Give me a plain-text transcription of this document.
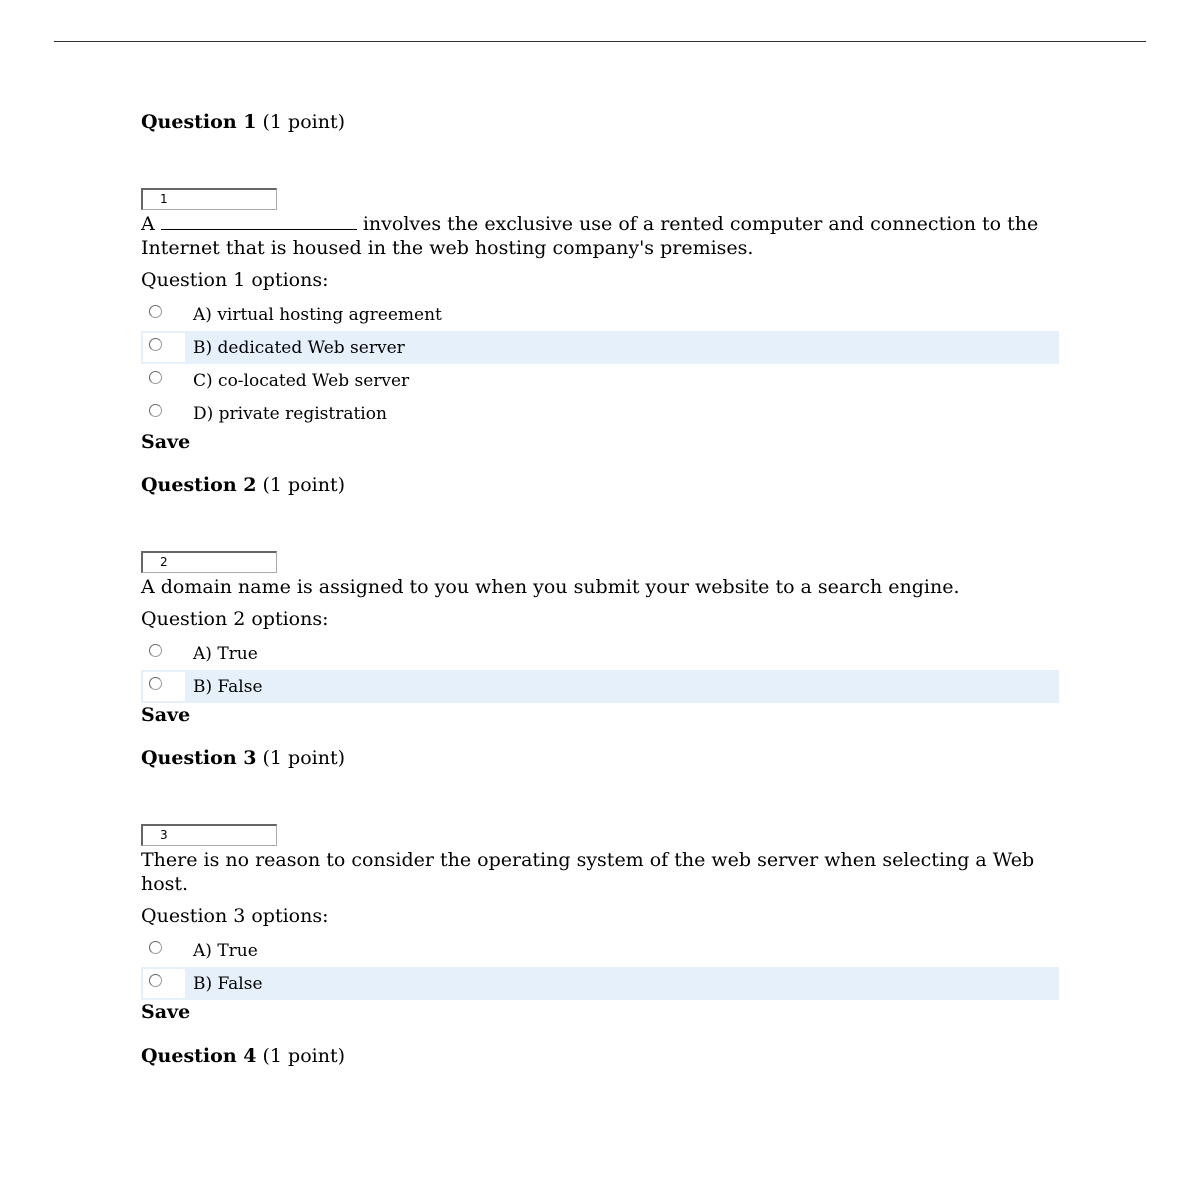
Question 1 (1 point)
1
A	involves the exclusive use of a rented computer and connection to the Internet that is housed in the web hosting company's premises.
Question 1 options:
A) virtual hosting agreement
B) dedicated Web server
C) co-located Web server
D) private registration
Save
Question 2 (1 point)
2
A domain name is assigned to you when you submit your website to a search engine.
Question 2 options:
A) True
B) False
Save
Question 3 (1 point)
3
There is no reason to consider the operating system of the web server when selecting a Web host.
Question 3 options:
A) True
B) False
Save
Question 4 (1 point)
